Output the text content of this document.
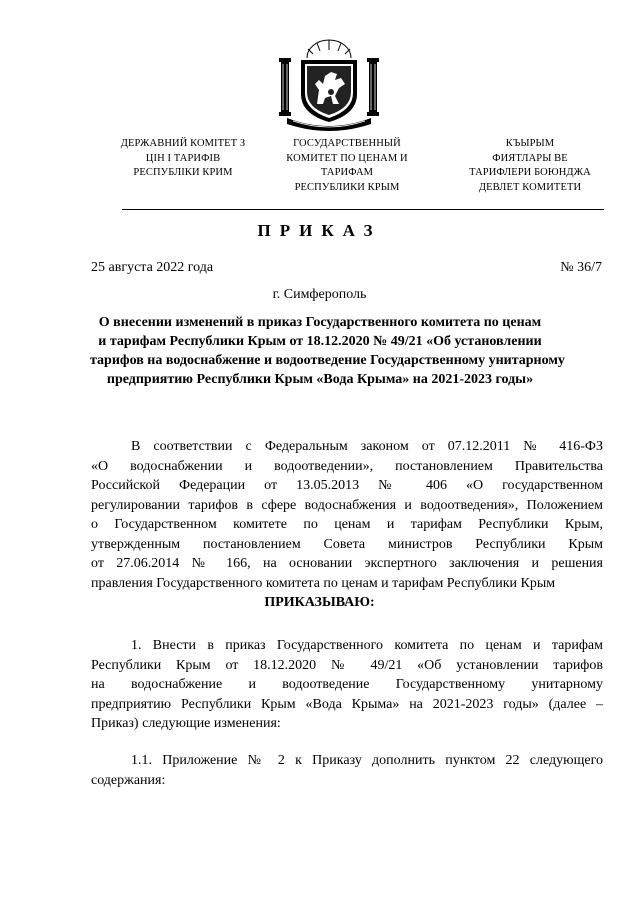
ДЕРЖАВНИЙ КОМІТЕТ З
ЦІН І ТАРИФІВ
РЕСПУБЛІКИ КРИМ
ГОСУДАРСТВЕННЫЙ
КОМИТЕТ ПО ЦЕНАМ И
ТАРИФАМ
РЕСПУБЛИКИ КРЫМ
КЪЫРЫМ
ФИЯТЛАРЫ ВЕ
ТАРИФЛЕРИ БОЮНДЖА
ДЕВЛЕТ КОМИТЕТИ
ПРИКАЗ
25 августа 2022 года	№ 36/7
г. Симферополь
О внесении изменений в приказ Государственного комитета по ценам
и тарифам Республики Крым от 18.12.2020 № 49/21 «Об установлении
тарифов на водоснабжение и водоотведение Государственному унитарному
предприятию Республики Крым «Вода Крыма» на 2021-2023 годы»
В соответствии с Федеральным законом от 07.12.2011 № 416-ФЗ
«О водоснабжении и водоотведении», постановлением Правительства
Российской Федерации от 13.05.2013 № 406 «О государственном
регулировании тарифов в сфере водоснабжения и водоотведения», Положением
о Государственном комитете по ценам и тарифам Республики Крым,
утвержденным постановлением Совета министров Республики Крым
от 27.06.2014 № 166, на основании экспертного заключения и решения
правления Государственного комитета по ценам и тарифам Республики Крым
ПРИКАЗЫВАЮ:
1. Внести в приказ Государственного комитета по ценам и тарифам
Республики Крым от 18.12.2020 № 49/21 «Об установлении тарифов
на водоснабжение и водоотведение Государственному унитарному
предприятию Республики Крым «Вода Крыма» на 2021-2023 годы» (далее –
Приказ) следующие изменения:
1.1. Приложение № 2 к Приказу дополнить пунктом 22 следующего
содержания:
